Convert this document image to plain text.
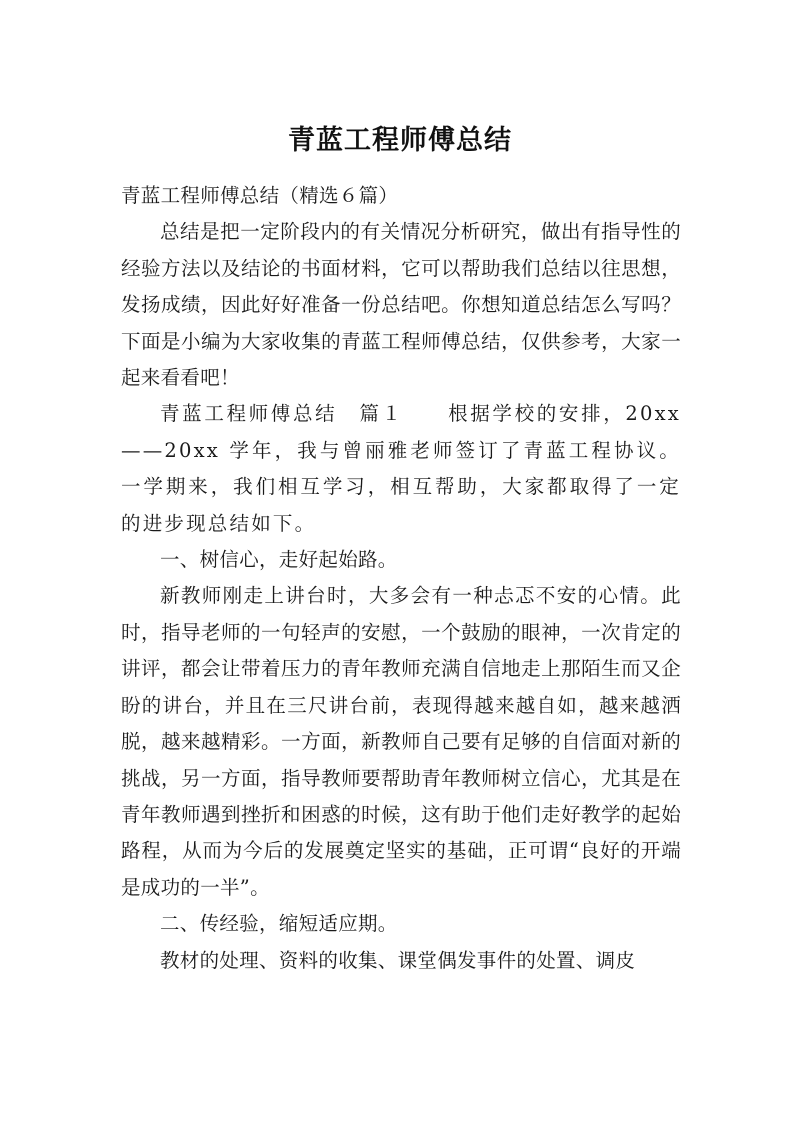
青蓝工程师傅总结

青蓝工程师傅总结（精选６篇）

总结是把一定阶段内的有关情况分析研究，做出有指导性的经验方法以及结论的书面材料，它可以帮助我们总结以往思想，发扬成绩，因此好好准备一份总结吧。你想知道总结怎么写吗？下面是小编为大家收集的青蓝工程师傅总结，仅供参考，大家一起来看看吧！

青蓝工程师傅总结　篇１　　根据学校的安排，20xx——20xx 学年，我与曾丽雅老师签订了青蓝工程协议。一学期来，我们相互学习，相互帮助，大家都取得了一定的进步现总结如下。

一、树信心，走好起始路。

新教师刚走上讲台时，大多会有一种忐忑不安的心情。此时，指导老师的一句轻声的安慰，一个鼓励的眼神，一次肯定的讲评，都会让带着压力的青年教师充满自信地走上那陌生而又企盼的讲台，并且在三尺讲台前，表现得越来越自如，越来越洒脱，越来越精彩。一方面，新教师自己要有足够的自信面对新的挑战，另一方面，指导教师要帮助青年教师树立信心，尤其是在青年教师遇到挫折和困惑的时候，这有助于他们走好教学的起始路程，从而为今后的发展奠定坚实的基础，正可谓“良好的开端是成功的一半”。

二、传经验，缩短适应期。

教材的处理、资料的收集、课堂偶发事件的处置、调皮
